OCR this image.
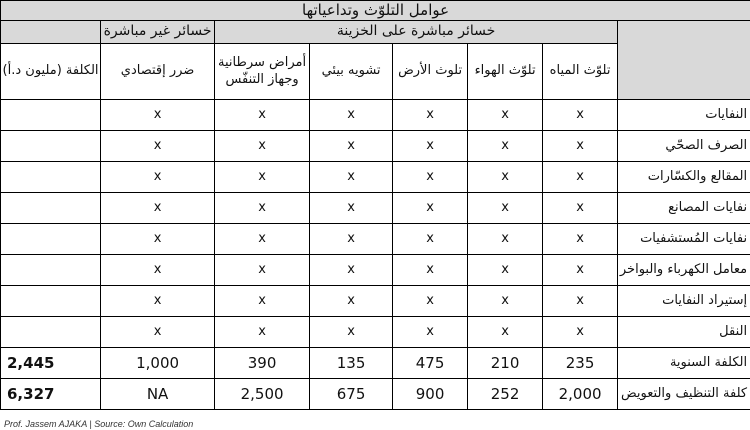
عوامل التلوّث وتداعياتها							
	خسائر مباشرة على الخزينة					خسائر غير مباشرة	
	تلوّث المياه	تلوّث الهواء	تلوث الأرض	تشويه بيئي	أمراض سرطانية وجهاز التنفّس	ضرر إقتصادي	الكلفة (مليون د.أ)
النفايات	x	x	x	x	x	x	
الصرف الصحّي	x	x	x	x	x	x	
المقالع والكسّارات	x	x	x	x	x	x	
نفايات المصانع	x	x	x	x	x	x	
نفايات المُستشفيات	x	x	x	x	x	x	
معامل الكهرباء والبواخر	x	x	x	x	x	x	
إستيراد النفايات	x	x	x	x	x	x	
النقل	x	x	x	x	x	x	
الكلفة السنوية	235	210	475	135	390	1,000	2,445
كلفة التنظيف والتعويض	2,000	252	900	675	2,500	NA	6,327
Prof. Jassem AJAKA | Source: Own Calculation
